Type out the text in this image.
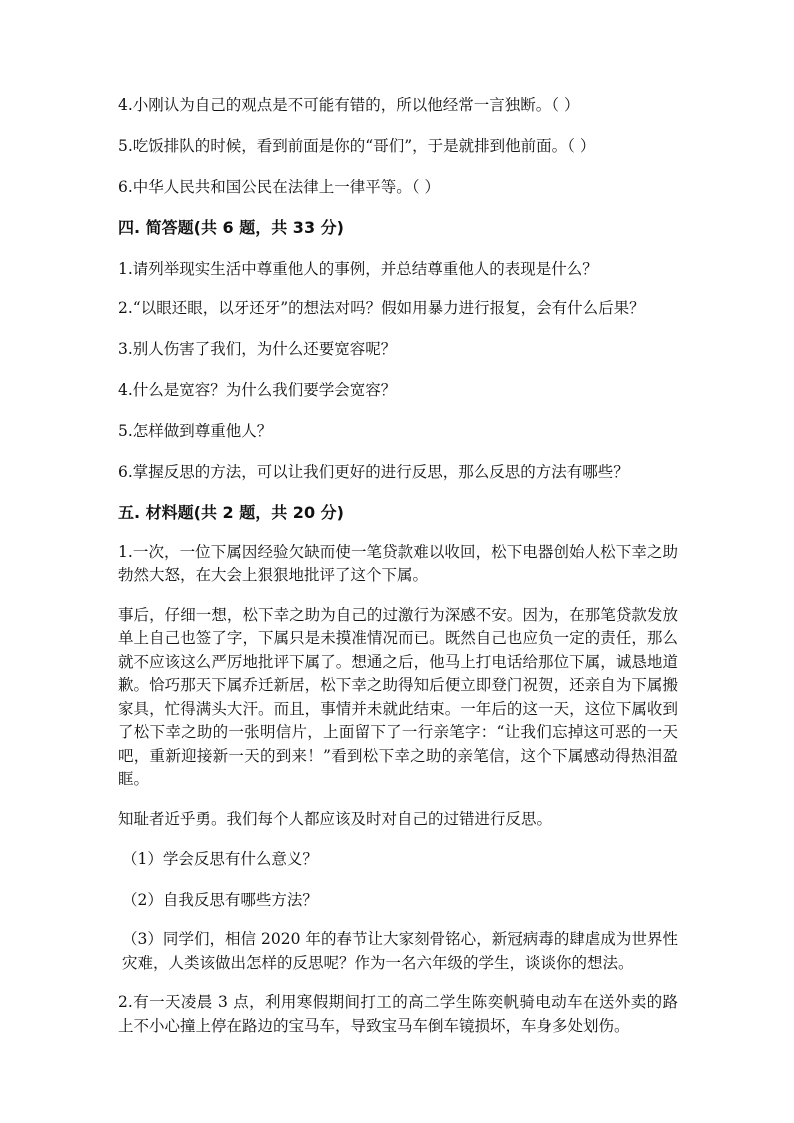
4.小刚认为自己的观点是不可能有错的，所以他经常一言独断。（ ）
5.吃饭排队的时候，看到前面是你的“哥们”，于是就排到他前面。（ ）
6.中华人民共和国公民在法律上一律平等。（ ）
四. 简答题(共 6 题，共 33 分)
1.请列举现实生活中尊重他人的事例，并总结尊重他人的表现是什么？
2.“以眼还眼，以牙还牙”的想法对吗？假如用暴力进行报复，会有什么后果？
3.别人伤害了我们，为什么还要宽容呢？
4.什么是宽容？为什么我们要学会宽容？
5.怎样做到尊重他人？
6.掌握反思的方法，可以让我们更好的进行反思，那么反思的方法有哪些？
五. 材料题(共 2 题，共 20 分)
1.一次，一位下属因经验欠缺而使一笔贷款难以收回，松下电器创始人松下幸之助勃然大怒，在大会上狠狠地批评了这个下属。
事后，仔细一想，松下幸之助为自己的过激行为深感不安。因为，在那笔贷款发放单上自己也签了字，下属只是未摸准情况而已。既然自己也应负一定的责任，那么就不应该这么严厉地批评下属了。想通之后，他马上打电话给那位下属，诚恳地道歉。恰巧那天下属乔迁新居，松下幸之助得知后便立即登门祝贺，还亲自为下属搬家具，忙得满头大汗。而且，事情并未就此结束。一年后的这一天，这位下属收到了松下幸之助的一张明信片，上面留下了一行亲笔字：“让我们忘掉这可恶的一天吧，重新迎接新一天的到来！”看到松下幸之助的亲笔信，这个下属感动得热泪盈眶。
知耻者近乎勇。我们每个人都应该及时对自己的过错进行反思。
（1）学会反思有什么意义？
（2）自我反思有哪些方法？
（3）同学们，相信 2020 年的春节让大家刻骨铭心，新冠病毒的肆虐成为世界性灾难，人类该做出怎样的反思呢？作为一名六年级的学生，谈谈你的想法。
2.有一天凌晨 3 点，利用寒假期间打工的高二学生陈奕帆骑电动车在送外卖的路上不小心撞上停在路边的宝马车，导致宝马车倒车镜损坏，车身多处划伤。
